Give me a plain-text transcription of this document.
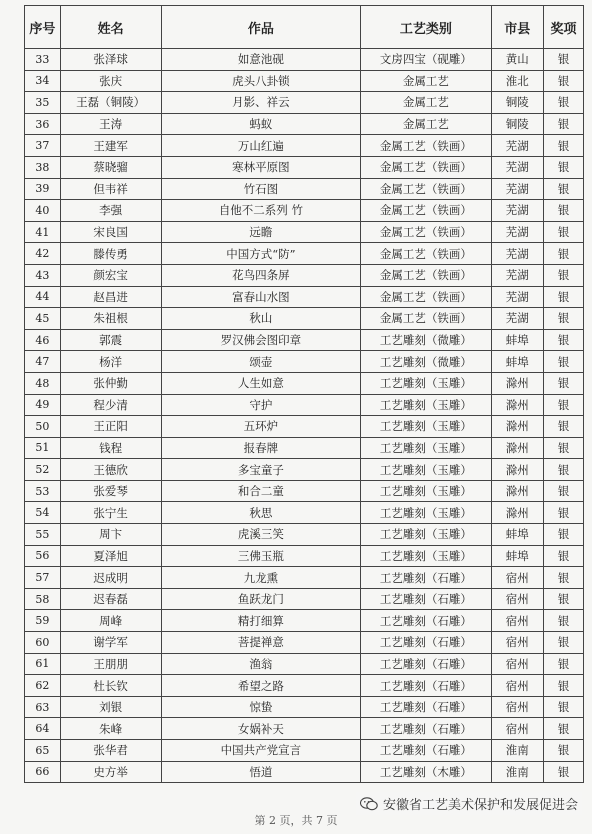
序号	姓名	作品	工艺类别	市县	奖项
33	张泽球	如意池砚	文房四宝（砚雕）	黄山	银
34	张庆	虎头八卦锁	金属工艺	淮北	银
35	王磊（铜陵）	月影、祥云	金属工艺	铜陵	银
36	王涛	蚂蚁	金属工艺	铜陵	银
37	王建军	万山红遍	金属工艺（铁画）	芜湖	银
38	蔡晓骝	寒林平原图	金属工艺（铁画）	芜湖	银
39	但韦祥	竹石图	金属工艺（铁画）	芜湖	银
40	李强	自他不二系列 竹	金属工艺（铁画）	芜湖	银
41	宋良国	远瞻	金属工艺（铁画）	芜湖	银
42	滕传勇	中国方式“防”	金属工艺（铁画）	芜湖	银
43	颜宏宝	花鸟四条屏	金属工艺（铁画）	芜湖	银
44	赵昌进	富春山水图	金属工艺（铁画）	芜湖	银
45	朱祖根	秋山	金属工艺（铁画）	芜湖	银
46	郭震	罗汉佛会图印章	工艺雕刻（微雕）	蚌埠	银
47	杨洋	颂壶	工艺雕刻（微雕）	蚌埠	银
48	张仲勤	人生如意	工艺雕刻（玉雕）	滁州	银
49	程少清	守护	工艺雕刻（玉雕）	滁州	银
50	王正阳	五环炉	工艺雕刻（玉雕）	滁州	银
51	钱程	报春牌	工艺雕刻（玉雕）	滁州	银
52	王德欣	多宝童子	工艺雕刻（玉雕）	滁州	银
53	张爱琴	和合二童	工艺雕刻（玉雕）	滁州	银
54	张宁生	秋思	工艺雕刻（玉雕）	滁州	银
55	周卞	虎溪三笑	工艺雕刻（玉雕）	蚌埠	银
56	夏泽旭	三佛玉瓶	工艺雕刻（玉雕）	蚌埠	银
57	迟成明	九龙熏	工艺雕刻（石雕）	宿州	银
58	迟春磊	鱼跃龙门	工艺雕刻（石雕）	宿州	银
59	周峰	精打细算	工艺雕刻（石雕）	宿州	银
60	谢学军	菩提禅意	工艺雕刻（石雕）	宿州	银
61	王朋朋	渔翁	工艺雕刻（石雕）	宿州	银
62	杜长钦	希望之路	工艺雕刻（石雕）	宿州	银
63	刘银	惊蛰	工艺雕刻（石雕）	宿州	银
64	朱峰	女娲补天	工艺雕刻（石雕）	宿州	银
65	张华君	中国共产党宣言	工艺雕刻（石雕）	淮南	银
66	史方举	悟道	工艺雕刻（木雕）	淮南	银
安徽省工艺美术保护和发展促进会
第 2 页，共 7 页
